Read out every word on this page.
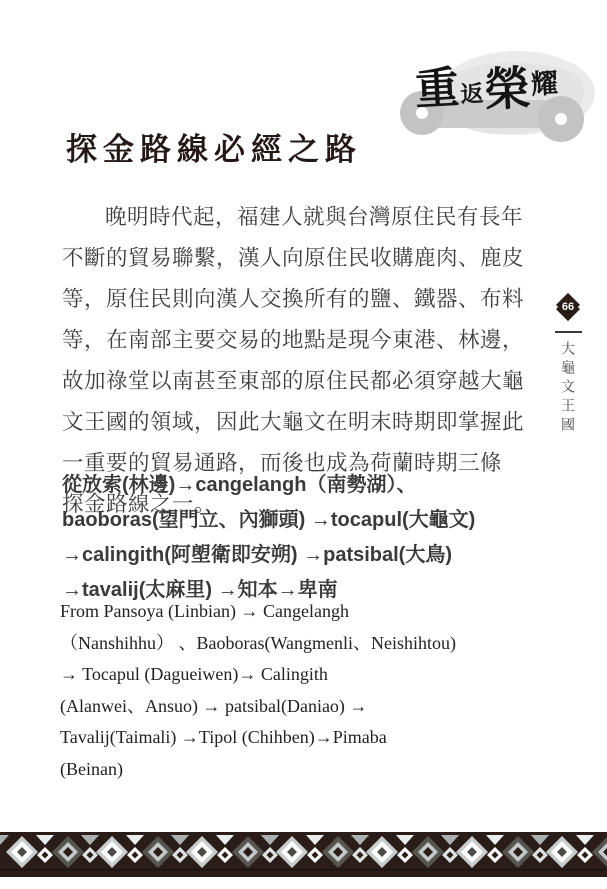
重 返
榮
耀
探金路線必經之路
晚明時代起，福建人就與台灣原住民有長年
不斷的貿易聯繫，漢人向原住民收購鹿肉、鹿皮
等，原住民則向漢人交換所有的鹽、鐵器、布料
等，在南部主要交易的地點是現今東港、林邊，
故加祿堂以南甚至東部的原住民都必須穿越大龜
文王國的領域，因此大龜文在明末時期即掌握此
一重要的貿易通路，而後也成為荷蘭時期三條
探金路線之一。
從放索(林邊)→cangelangh（南勢湖）、
baoboras(望門立、內獅頭) →tocapul(大龜文)
→calingith(阿塱衛即安朔) →patsibal(大鳥)
→tavalij(太麻里) →知本→卑南
From Pansoya (Linbian) → Cangelangh
（Nanshihhu） 、Baoboras(Wangmenli、Neishihtou)
→ Tocapul (Dagueiwen)→ Calingith
(Alanwei、Ansuo) → patsibal(Daniao) →
Tavalij(Taimali) →Tipol (Chihben)→Pimaba
(Beinan)
66
大龜文王國
